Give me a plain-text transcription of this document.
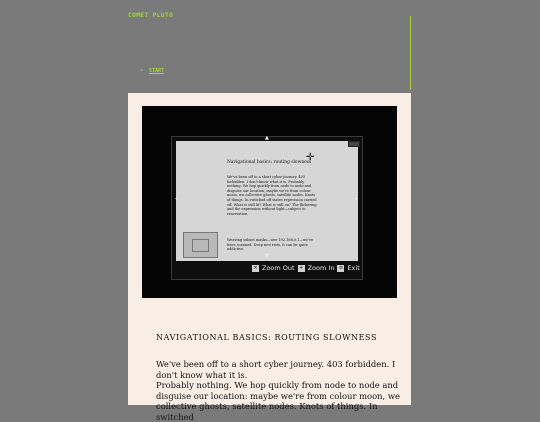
COMET PLUTO
• START
▲
◂	▸
▼
Navigational basics: routing slowness
We've been off to a short cyber journey. 403 forbidden. I don't know what it is. Probably nothing. We hop quickly from node to node and disguise our location; maybe we're from colour moon, we collective ghosts, satellite nodes. Knots of things. In switched off states repression carried off. What is still lit? What is still on? The flickering and the expression without light—subject to reservation.
Weaving subset masks—wer 192.168.0.1—we've been scanned. Deep into riots, it can be quite addictive.
✛
✕ Zoom Out + Zoom In ≡ Exit
NAVIGATIONAL BASICS: ROUTING SLOWNESS

We've been off to a short cyber journey. 403 forbidden. I don't know what it is.

Probably nothing. We hop quickly from node to node and disguise our location: maybe we're from colour moon, we collective ghosts, satellite nodes. Knots of things. In switched
